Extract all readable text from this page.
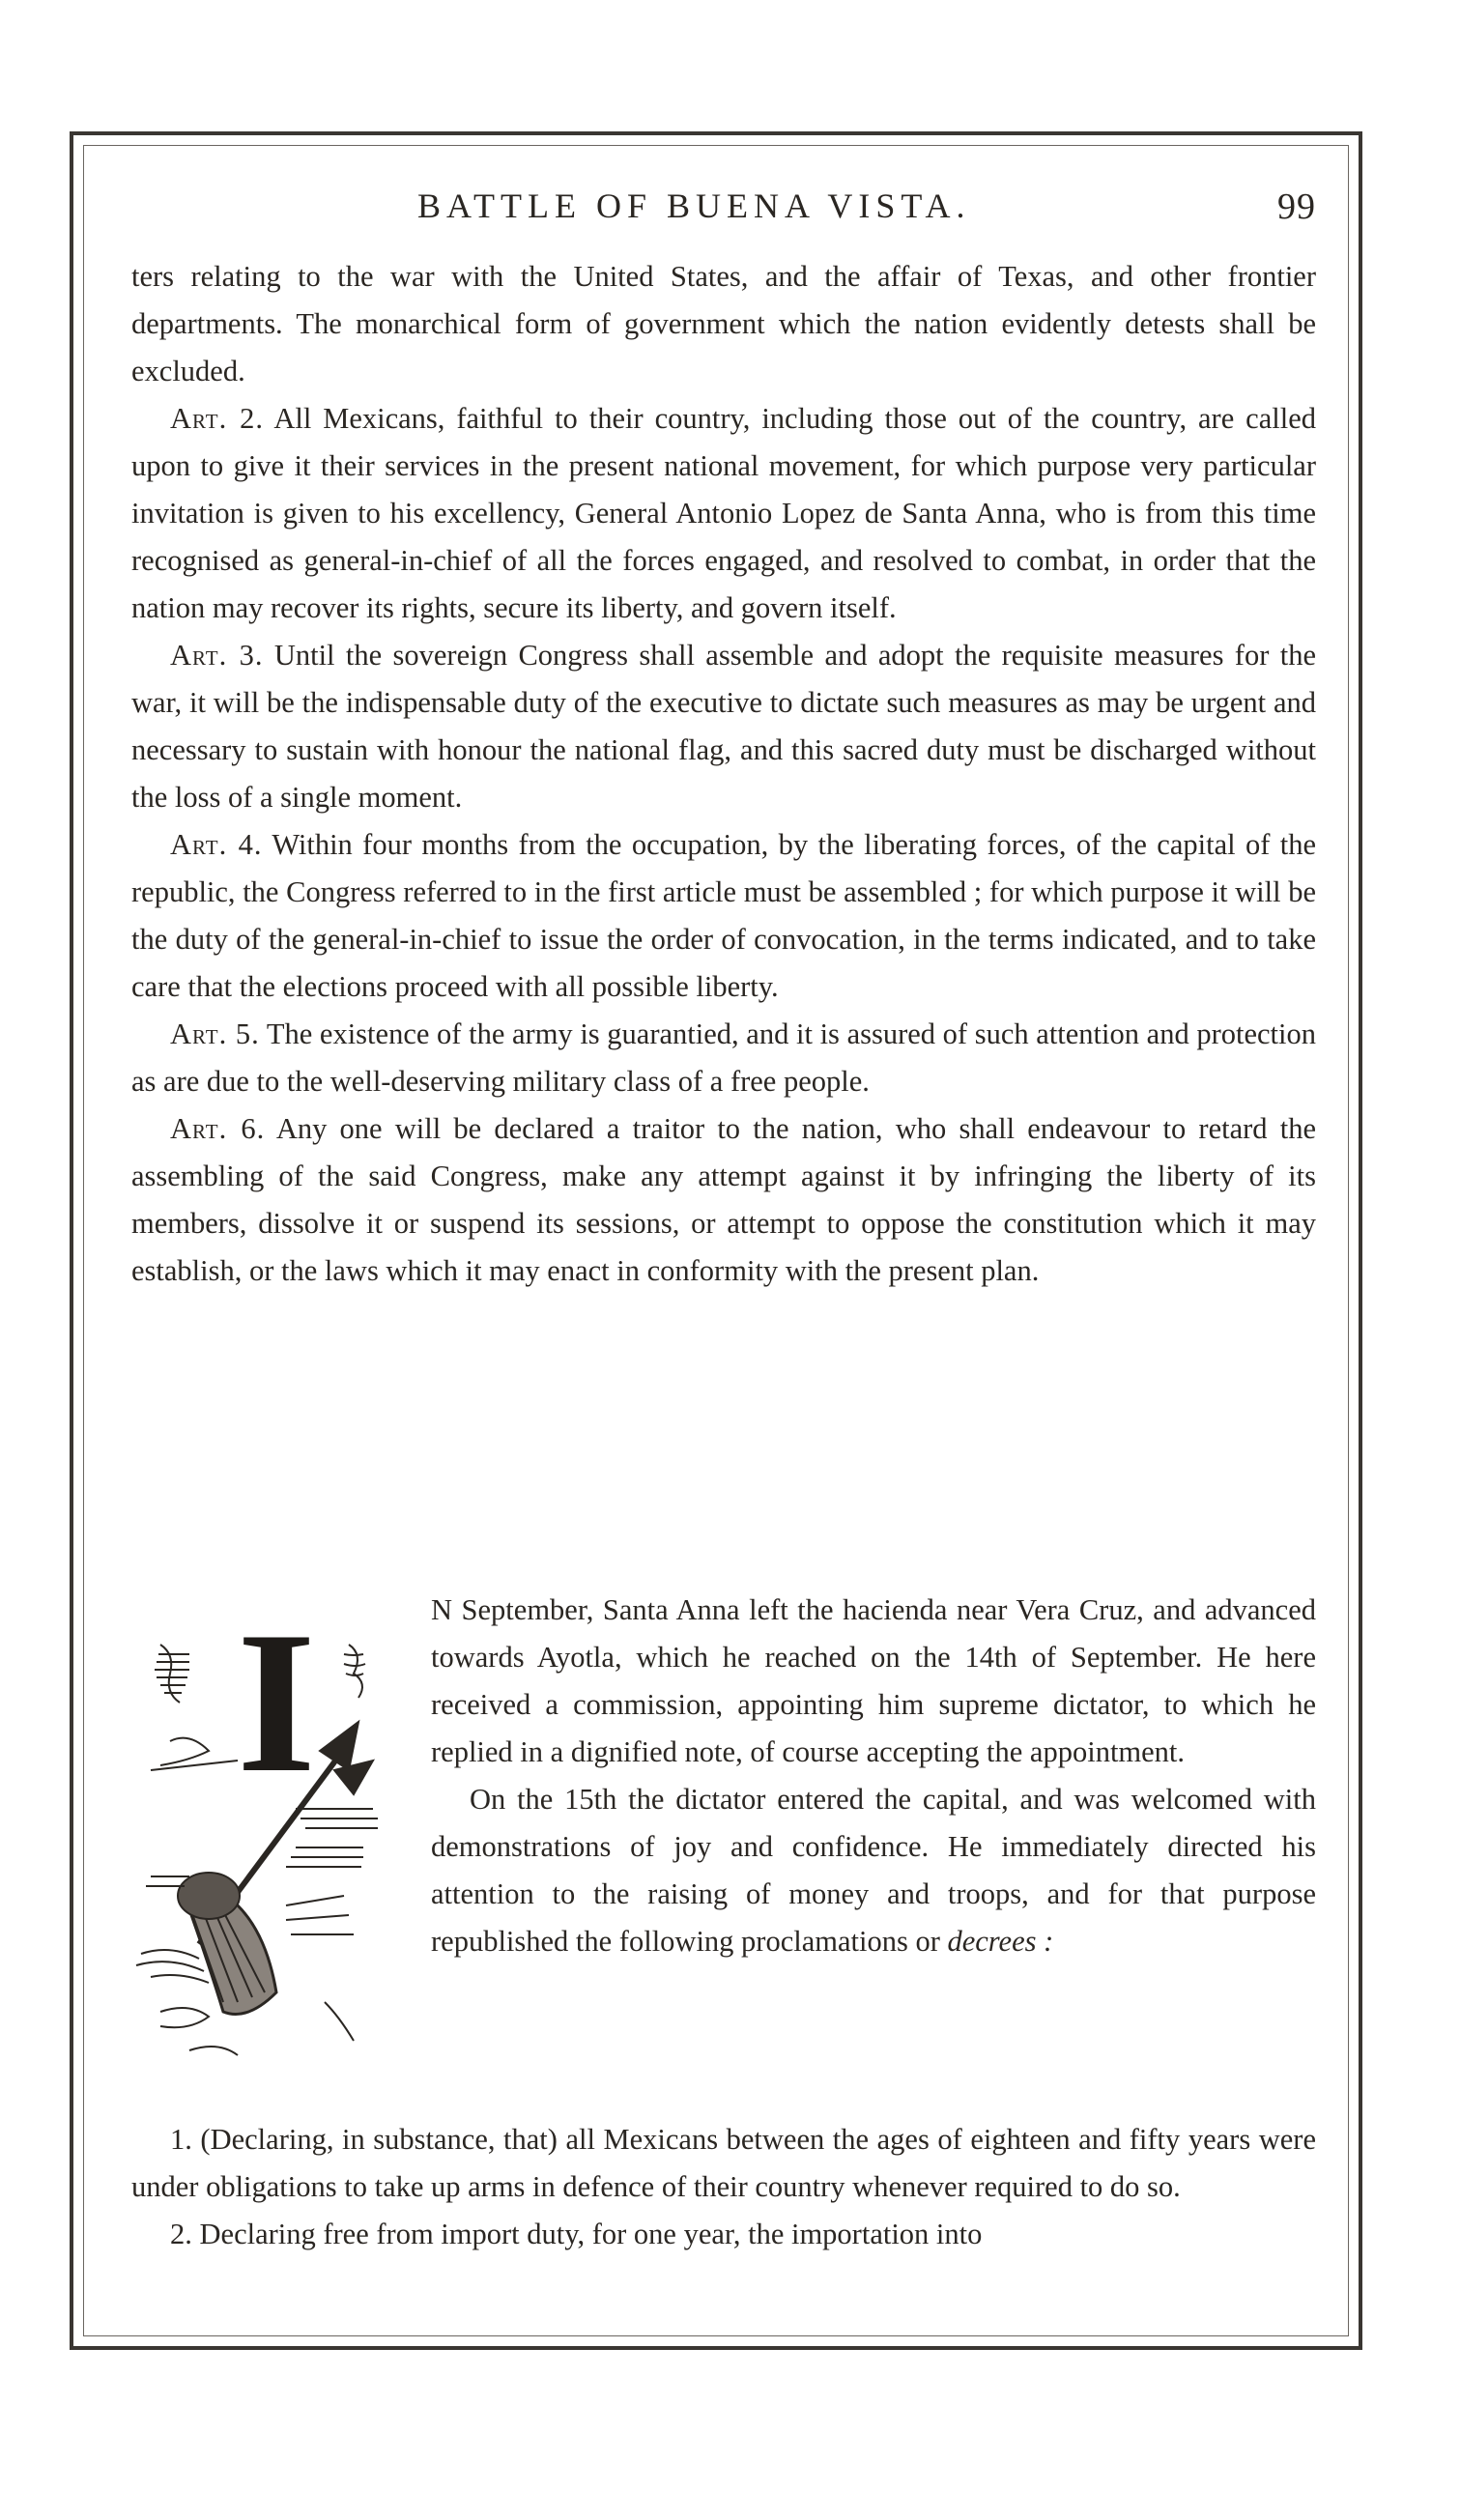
BATTLE OF BUENA VISTA.	99

ters relating to the war with the United States, and the affair of Texas, and other frontier departments. The monarchical form of government which the nation evidently detests shall be excluded.

Art. 2. All Mexicans, faithful to their country, including those out of the country, are called upon to give it their services in the present national movement, for which purpose very particular invitation is given to his excellency, General Antonio Lopez de Santa Anna, who is from this time recognised as general-in-chief of all the forces engaged, and resolved to combat, in order that the nation may recover its rights, secure its liberty, and govern itself.

Art. 3. Until the sovereign Congress shall assemble and adopt the requisite measures for the war, it will be the indispensable duty of the executive to dictate such measures as may be urgent and necessary to sustain with honour the national flag, and this sacred duty must be discharged without the loss of a single moment.

Art. 4. Within four months from the occupation, by the liberating forces, of the capital of the republic, the Congress referred to in the first article must be assembled ; for which purpose it will be the duty of the general-in-chief to issue the order of convocation, in the terms indicated, and to take care that the elections proceed with all possible liberty.

Art. 5. The existence of the army is guarantied, and it is assured of such attention and protection as are due to the well-deserving military class of a free people.

Art. 6. Any one will be declared a traitor to the nation, who shall endeavour to retard the assembling of the said Congress, make any attempt against it by infringing the liberty of its members, dissolve it or suspend its sessions, or attempt to oppose the constitution which it may establish, or the laws which it may enact in conformity with the present plan.

I	N September, Santa Anna left the hacienda near Vera Cruz, and advanced towards Ayotla, which he reached on the 14th of September. He here received a commission, appointing him supreme dictator, to which he replied in a dignified note, of course accepting the appointment.

On the 15th the dictator entered the capital, and was welcomed with demonstrations of joy and confidence. He immediately directed his attention to the raising of money and troops, and for that purpose republished the following proclamations or decrees :

1. (Declaring, in substance, that) all Mexicans between the ages of eighteen and fifty years were under obligations to take up arms in defence of their country whenever required to do so.

2. Declaring free from import duty, for one year, the importation into
